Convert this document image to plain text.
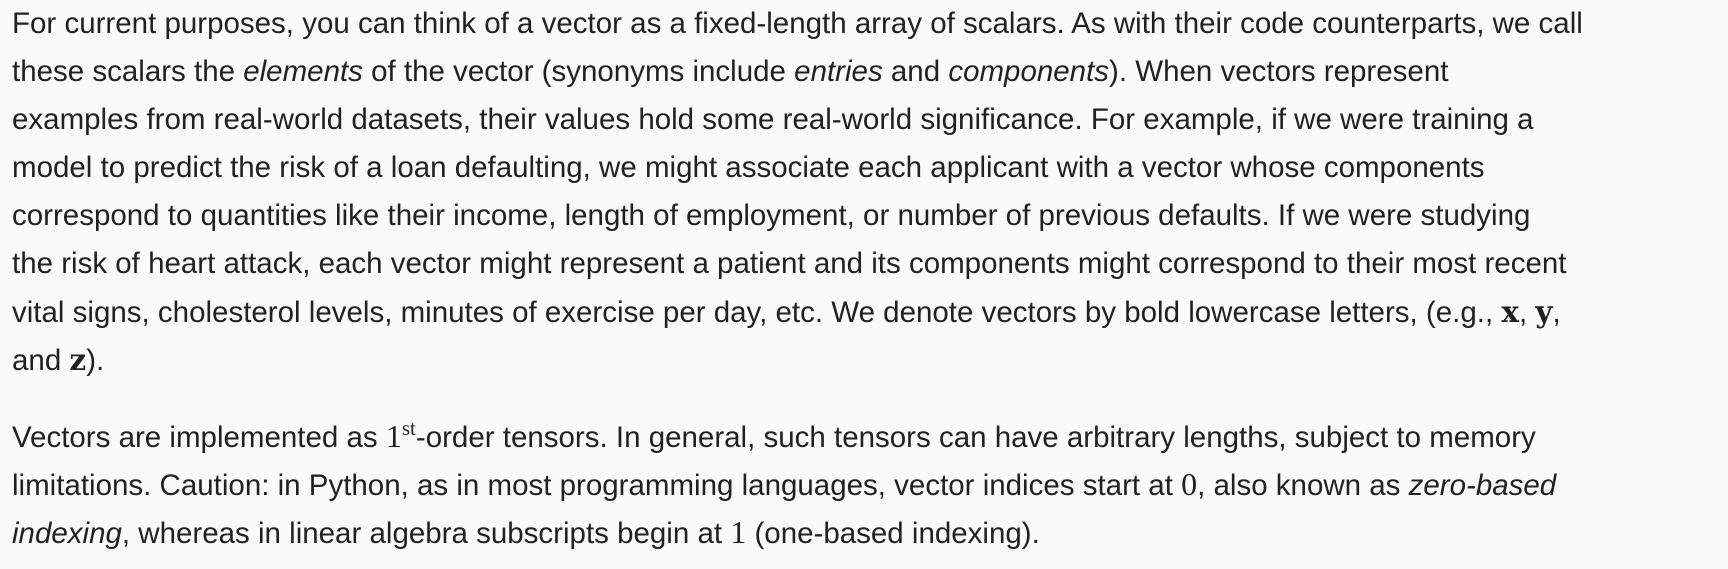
For current purposes, you can think of a vector as a fixed-length array of scalars. As with their code counterparts, we call
these scalars the elements of the vector (synonyms include entries and components). When vectors represent
examples from real-world datasets, their values hold some real-world significance. For example, if we were training a
model to predict the risk of a loan defaulting, we might associate each applicant with a vector whose components
correspond to quantities like their income, length of employment, or number of previous defaults. If we were studying
the risk of heart attack, each vector might represent a patient and its components might correspond to their most recent
vital signs, cholesterol levels, minutes of exercise per day, etc. We denote vectors by bold lowercase letters, (e.g., x, y,
and z).
Vectors are implemented as 1st-order tensors. In general, such tensors can have arbitrary lengths, subject to memory
limitations. Caution: in Python, as in most programming languages, vector indices start at 0, also known as zero-based
indexing, whereas in linear algebra subscripts begin at 1 (one-based indexing).
